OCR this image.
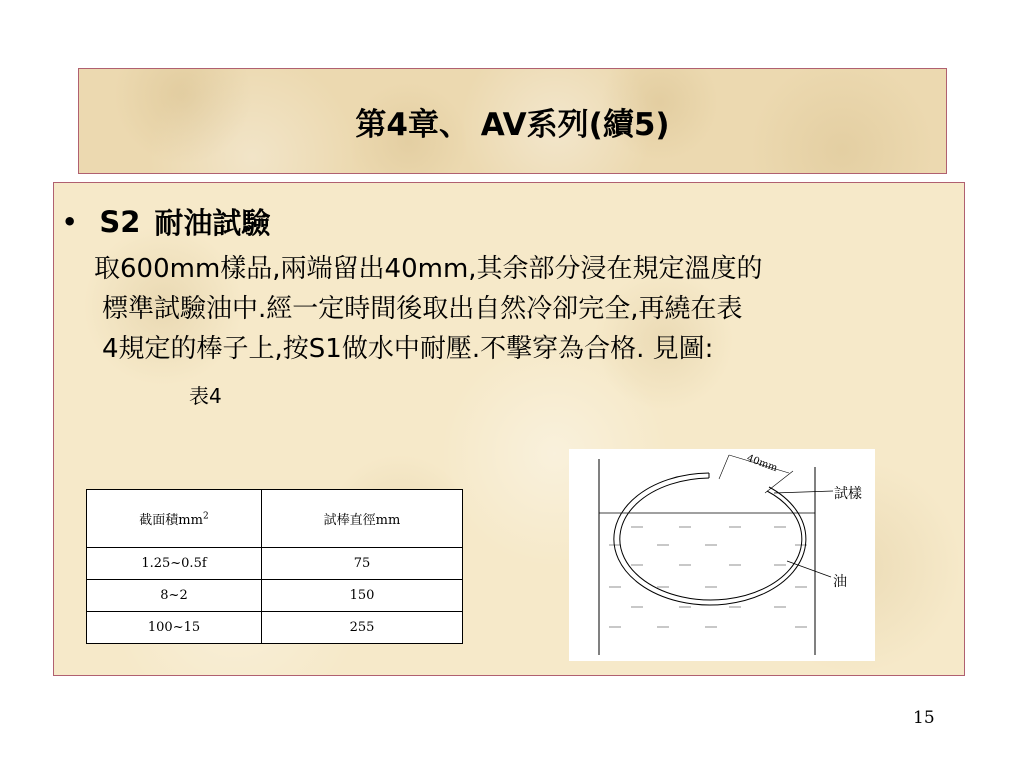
第4章、 AV系列(續5)
• S2 耐油試驗

取600mm樣品,兩端留出40mm,其余部分浸在規定溫度的

標準試驗油中.經一定時間後取出自然冷卻完全,再繞在表

4規定的棒子上,按S1做水中耐壓.不擊穿為合格. 見圖:

表4
截面積$mm^2$	試棒直徑mm
1.25~0.5f	75
8~2	150
100~15	255
40mm
試樣
油
15
